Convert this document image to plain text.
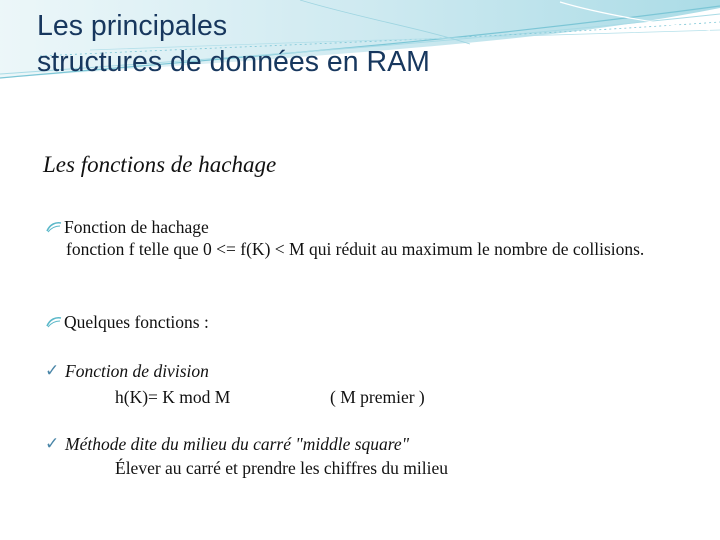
Les principales
structures de données en RAM
Les fonctions de hachage
Fonction de hachage
fonction f telle que 0 <= f(K) < M qui réduit au maximum le nombre de collisions.
Quelques fonctions :
✓ Fonction de division
h(K)= K mod M	( M premier )
✓ Méthode dite du milieu du carré "middle square"
Élever au carré et prendre les chiffres du milieu
